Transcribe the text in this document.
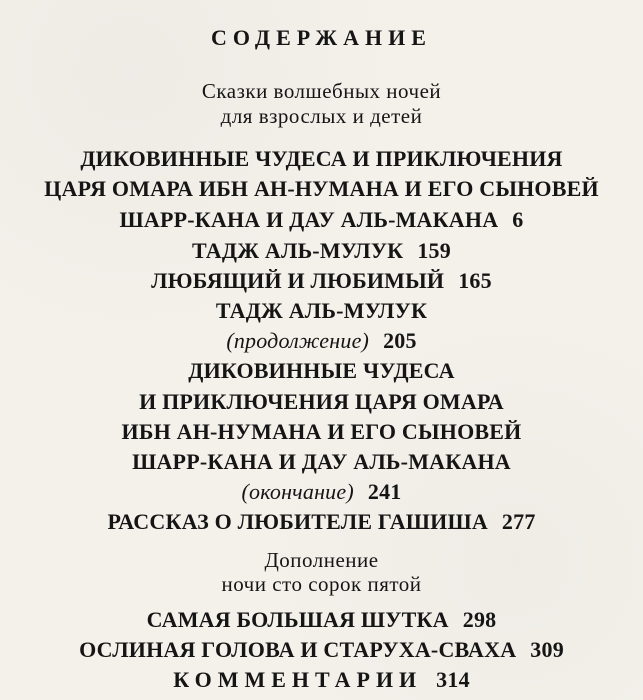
СОДЕРЖАНИЕ
Сказки волшебных ночей
для взрослых и детей
ДИКОВИННЫЕ ЧУДЕСА И ПРИКЛЮЧЕНИЯ
ЦАРЯ ОМАРА ИБН АН-НУМАНА И ЕГО СЫНОВЕЙ
ШАРР-КАНА И ДАУ АЛЬ-МАКАНА 6
ТАДЖ АЛЬ-МУЛУК 159
ЛЮБЯЩИЙ И ЛЮБИМЫЙ 165
ТАДЖ АЛЬ-МУЛУК
(продолжение) 205
ДИКОВИННЫЕ ЧУДЕСА
И ПРИКЛЮЧЕНИЯ ЦАРЯ ОМАРА
ИБН АН-НУМАНА И ЕГО СЫНОВЕЙ
ШАРР-КАНА И ДАУ АЛЬ-МАКАНА
(окончание) 241
РАССКАЗ О ЛЮБИТЕЛЕ ГАШИША 277
Дополнение
ночи сто сорок пятой
САМАЯ БОЛЬШАЯ ШУТКА 298
ОСЛИНАЯ ГОЛОВА И СТАРУХА-СВАХА 309
КОММЕНТАРИИ 314
